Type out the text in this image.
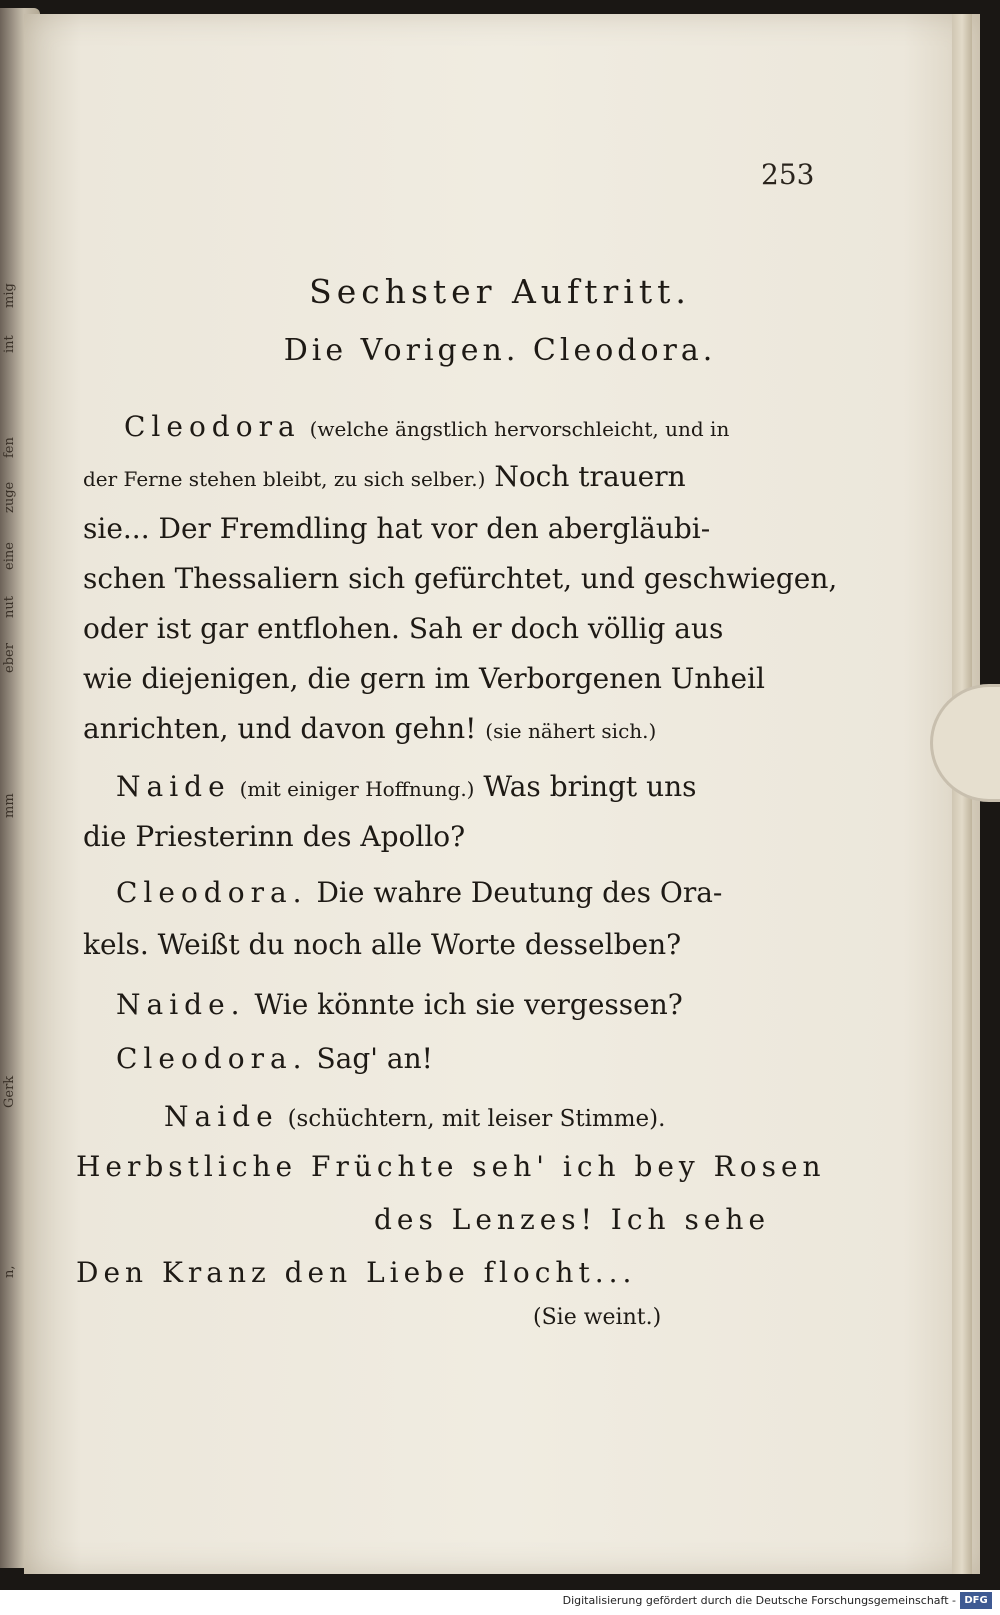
mig
int
fen
zuge
eine
nut
eber
mm
Gerk
n,
253
Sechster Auftritt.
Die Vorigen. Cleodora.
Cleodora (welche ängstlich hervorschleicht, und in
der Ferne stehen bleibt, zu sich selber.) Noch trauern
sie... Der Fremdling hat vor den abergläubi-
schen Thessaliern sich gefürchtet, und geschwiegen,
oder ist gar entflohen. Sah er doch völlig aus
wie diejenigen, die gern im Verborgenen Unheil
anrichten, und davon gehn! (sie nähert sich.)
Naide (mit einiger Hoffnung.) Was bringt uns
die Priesterinn des Apollo?
Cleodora. Die wahre Deutung des Ora-
kels. Weißt du noch alle Worte desselben?
Naide. Wie könnte ich sie vergessen?
Cleodora. Sag' an!
Naide (schüchtern, mit leiser Stimme).
Herbstliche Früchte seh' ich bey Rosen
des Lenzes! Ich sehe
Den Kranz den Liebe flocht...
(Sie weint.)
Digitalisierung gefördert durch die Deutsche Forschungsgemeinschaft - DFG
